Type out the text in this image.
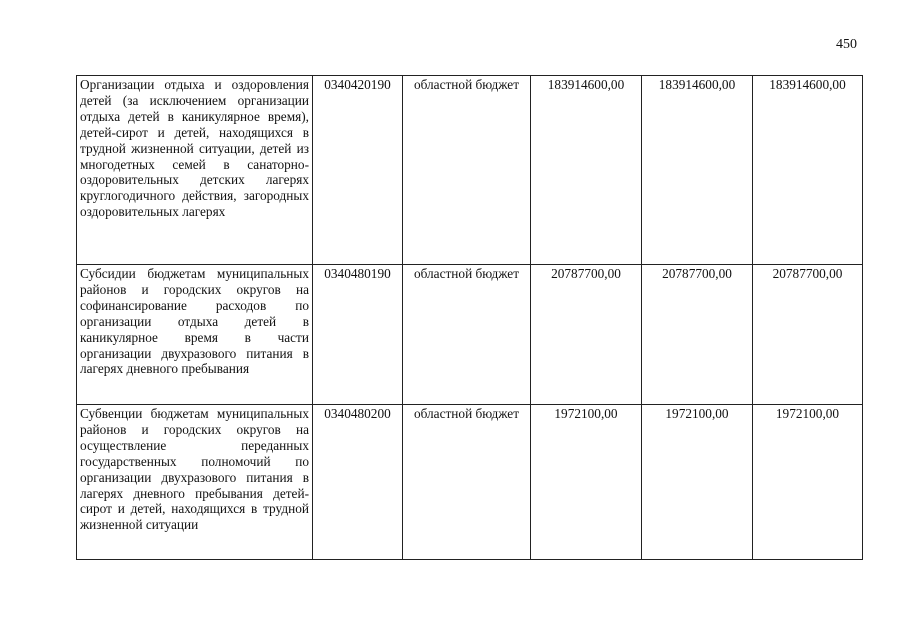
450
Организации отдыха и оздоровления детей (за исключением организации отдыха детей в каникулярное время), детей-сирот и детей, находящихся в трудной жизненной ситуации, детей из многодетных семей в санаторно-оздоровительных детских лагерях круглогодичного действия, загородных оздоровительных лагерях	0340420190	областной бюджет	183914600,00	183914600,00	183914600,00
Субсидии бюджетам муниципальных районов и городских округов на софинансирование расходов по организации отдыха детей в каникулярное время в части организации двухразового питания в лагерях дневного пребывания	0340480190	областной бюджет	20787700,00	20787700,00	20787700,00
Субвенции бюджетам муниципальных районов и городских округов на осуществление переданных государственных полномочий по организации двухразового питания в лагерях дневного пребывания детей-сирот и детей, находящихся в трудной жизненной ситуации	0340480200	областной бюджет	1972100,00	1972100,00	1972100,00
